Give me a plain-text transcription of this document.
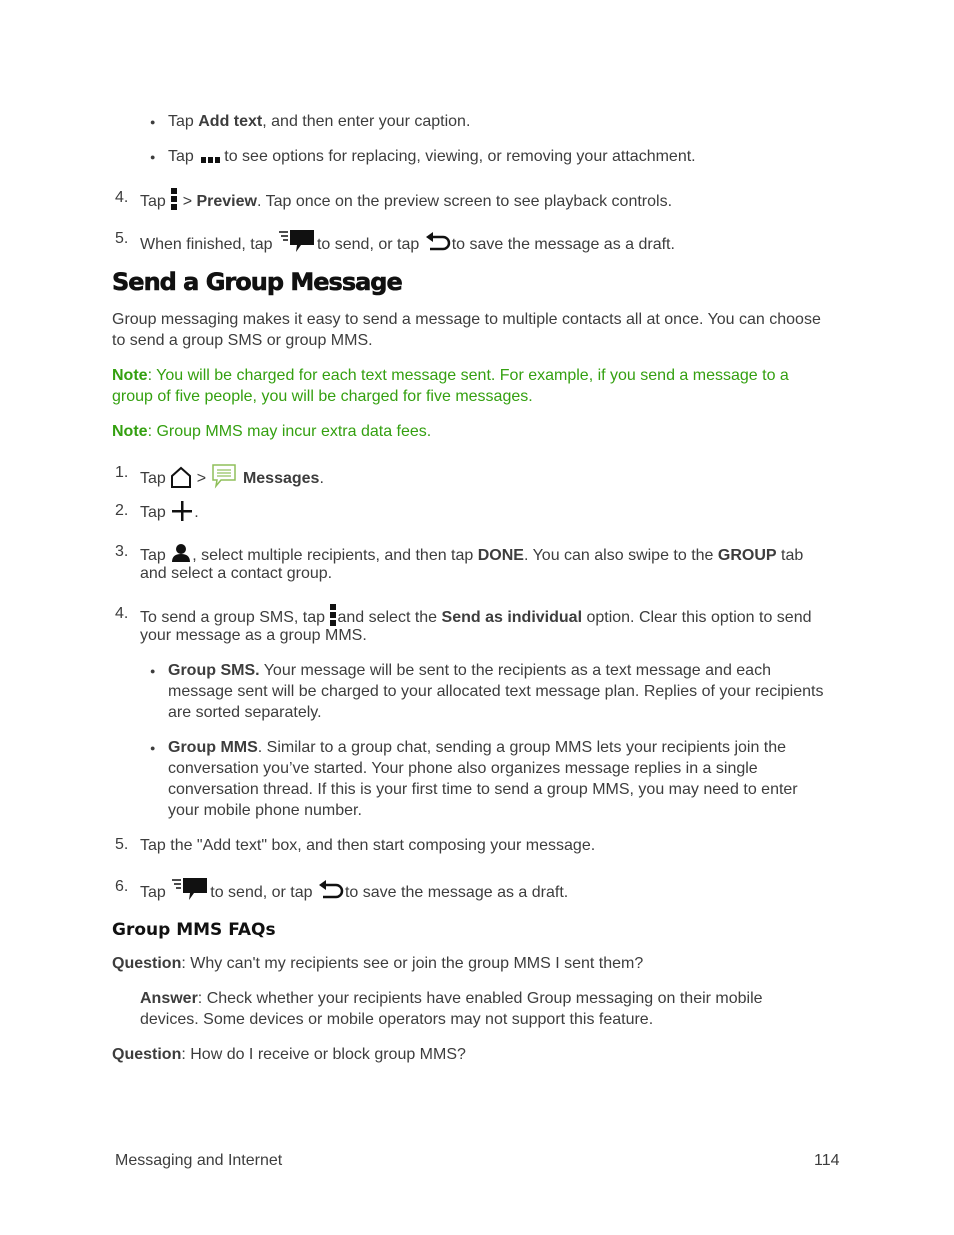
● Tap Add text, and then enter your caption.
● Tap to see options for replacing, viewing, or removing your attachment.
4. Tap  > Preview. Tap once on the preview screen to see playback controls.
5. When finished, tap	to send, or tap to save the message as a draft.
Send a Group Message
Group messaging makes it easy to send a message to multiple contacts all at once. You can choose
to send a group SMS or group MMS.
Note: You will be charged for each text message sent. For example, if you send a message to a
group of five people, you will be charged for five messages.
Note: Group MMS may incur extra data fees.
1. Tap  >  Messages.
2. Tap .
3. Tap , select multiple recipients, and then tap DONE. You can also swipe to the GROUP tab
and select a contact group.
4. To send a group SMS, tap and select the Send as individual option. Clear this option to send
your message as a group MMS.
● Group SMS. Your message will be sent to the recipients as a text message and each
message sent will be charged to your allocated text message plan. Replies of your recipients
are sorted separately.
● Group MMS. Similar to a group chat, sending a group MMS lets your recipients join the
conversation you’ve started. Your phone also organizes message replies in a single
conversation thread. If this is your first time to send a group MMS, you may need to enter
your mobile phone number.
5. Tap the "Add text" box, and then start composing your message.
6. Tap	to send, or tap to save the message as a draft.
Group MMS FAQs
Question: Why can't my recipients see or join the group MMS I sent them?
Answer: Check whether your recipients have enabled Group messaging on their mobile
devices. Some devices or mobile operators may not support this feature.
Question: How do I receive or block group MMS?
Messaging and Internet	114
